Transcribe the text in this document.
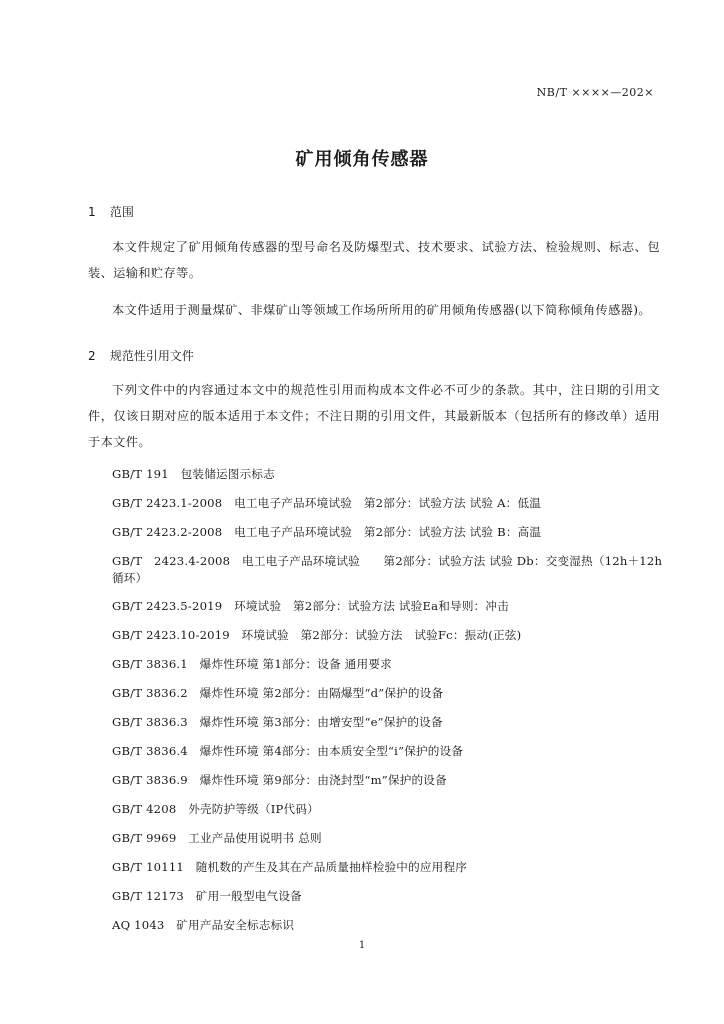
NB/T ××××—202×
矿用倾角传感器
1 范围
本文件规定了矿用倾角传感器的型号命名及防爆型式、技术要求、试验方法、检验规则、标志、包装、运输和贮存等。
本文件适用于测量煤矿、非煤矿山等领域工作场所所用的矿用倾角传感器(以下简称倾角传感器)。
2 规范性引用文件
下列文件中的内容通过本文中的规范性引用而构成本文件必不可少的条款。其中，注日期的引用文件，仅该日期对应的版本适用于本文件；不注日期的引用文件，其最新版本（包括所有的修改单）适用于本文件。
GB/T 191　包装储运图示标志
GB/T 2423.1-2008　电工电子产品环境试验　第2部分：试验方法 试验 A：低温
GB/T 2423.2-2008　电工电子产品环境试验　第2部分：试验方法 试验 B：高温
GB/T　2423.4-2008　电工电子产品环境试验　　第2部分：试验方法 试验 Db：交变湿热（12h＋12h循环）
GB/T 2423.5-2019　环境试验　第2部分：试验方法 试验Ea和导则：冲击
GB/T 2423.10-2019　环境试验　第2部分：试验方法　试验Fc：振动(正弦)
GB/T 3836.1　爆炸性环境 第1部分：设备 通用要求
GB/T 3836.2　爆炸性环境 第2部分：由隔爆型“d”保护的设备
GB/T 3836.3　爆炸性环境 第3部分：由增安型“e”保护的设备
GB/T 3836.4　爆炸性环境 第4部分：由本质安全型“i”保护的设备
GB/T 3836.9　爆炸性环境 第9部分：由浇封型“m”保护的设备
GB/T 4208　外壳防护等级（IP代码）
GB/T 9969　工业产品使用说明书 总则
GB/T 10111　随机数的产生及其在产品质量抽样检验中的应用程序
GB/T 12173　矿用一般型电气设备
AQ 1043　矿用产品安全标志标识
1
